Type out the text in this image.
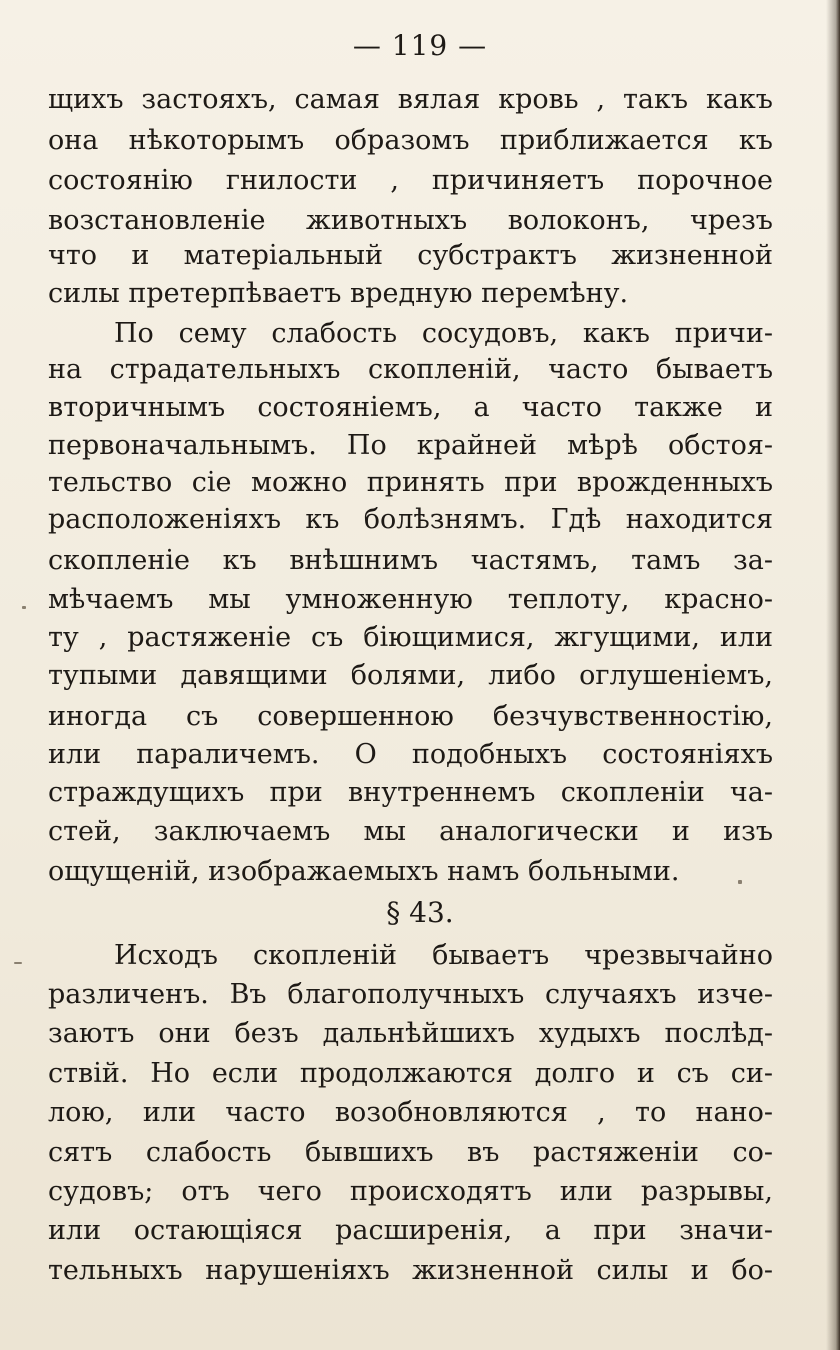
— 119 —
щихъ застояхъ, самая вялая кровь , такъ какъ
она нѣкоторымъ образомъ приближается къ
состоянію гнилости , причиняетъ порочное
возстановленіе животныхъ волоконъ, чрезъ
что и матеріальный субстрактъ жизненной
силы претерпѣваетъ вредную перемѣну.
По сему слабость сосудовъ, какъ причи-
на страдательныхъ скопленій, часто бываетъ
вторичнымъ состояніемъ, а часто также и
первоначальнымъ. По крайней мѣрѣ обстоя-
тельство сіе можно принять при врожденныхъ
расположеніяхъ къ болѣзнямъ. Гдѣ находится
скопленіе къ внѣшнимъ частямъ, тамъ за-
мѣчаемъ мы умноженную теплоту, красно-
ту , растяженіе съ біющимися, жгущими, или
тупыми давящими болями, либо оглушеніемъ,
иногда съ совершенною безчувственностію,
или параличемъ. О подобныхъ состояніяхъ
страждущихъ при внутреннемъ скопленіи ча-
стей, заключаемъ мы аналогически и изъ
ощущеній, изображаемыхъ намъ больными.
§ 43.
Исходъ скопленій бываетъ чрезвычайно
различенъ. Въ благополучныхъ случаяхъ изче-
заютъ они безъ дальнѣйшихъ худыхъ послѣд-
ствій. Но если продолжаются долго и съ си-
лою, или часто возобновляются , то нано-
сятъ слабость бывшихъ въ растяженіи со-
судовъ; отъ чего происходятъ или разрывы,
или остающіяся расширенія, а при значи-
тельныхъ нарушеніяхъ жизненной силы и бо-
